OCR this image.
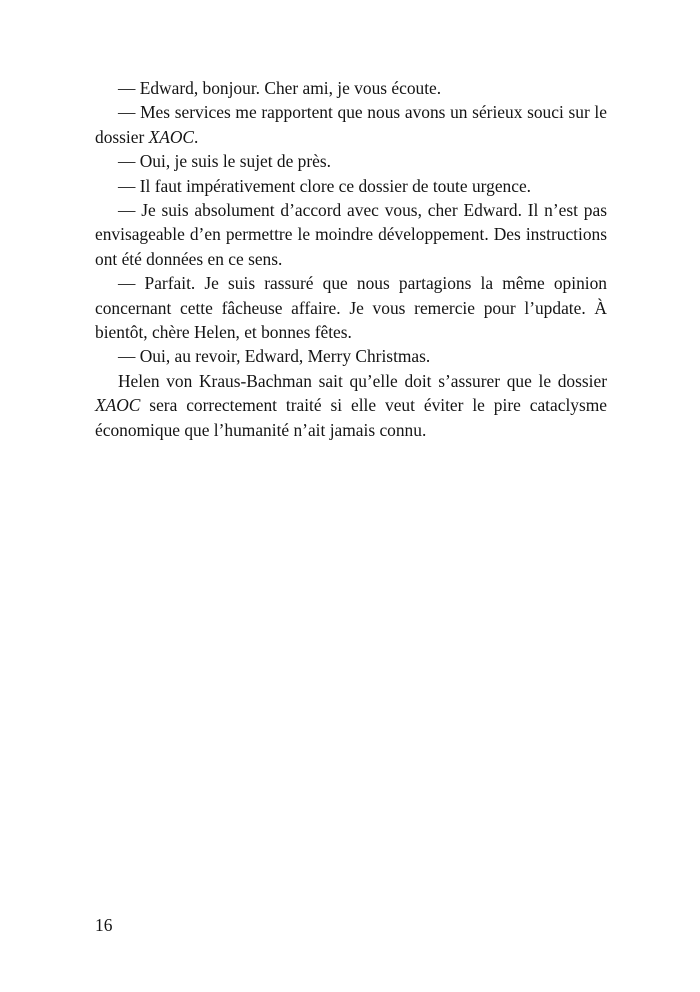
— Edward, bonjour. Cher ami, je vous écoute.

— Mes services me rapportent que nous avons un sérieux souci sur le dossier XAOC.

— Oui, je suis le sujet de près.

— Il faut impérativement clore ce dossier de toute urgence.

— Je suis absolument d’accord avec vous, cher Edward. Il n’est pas envisageable d’en permettre le moindre développement. Des instructions ont été données en ce sens.

— Parfait. Je suis rassuré que nous partagions la même opinion concernant cette fâcheuse affaire. Je vous remercie pour l’update. À bientôt, chère Helen, et bonnes fêtes.

— Oui, au revoir, Edward, Merry Christmas.

Helen von Kraus-Bachman sait qu’elle doit s’assurer que le dossier XAOC sera correctement traité si elle veut éviter le pire cataclysme économique que l’humanité n’ait jamais connu.

16
